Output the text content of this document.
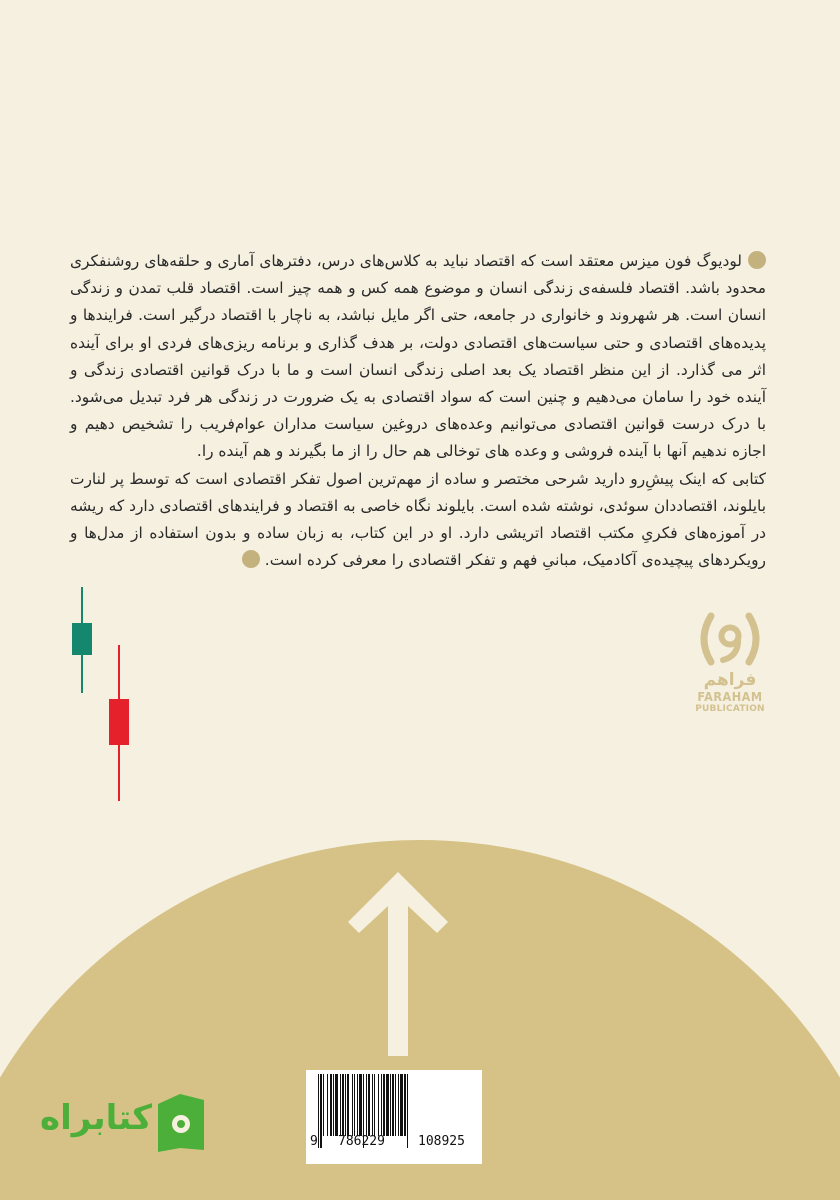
لودیوگ فون میزس معتقد است که اقتصاد نباید به کلاس‌های درس، دفترهای آماری و حلقه‌های روشنفکری محدود باشد. اقتصاد فلسفه‌ی زندگی انسان و موضوع همه کس و همه چیز است. اقتصاد قلب تمدن و زندگی انسان است. هر شهروند و خانواری در جامعه، حتی اگر مایل نباشد، به ناچار با اقتصاد درگیر است. فرایندها و پدیده‌های اقتصادی و حتی سیاست‌های اقتصادی دولت، بر هدف گذاری و برنامه ریزی‌های فردی او برای آینده اثر می گذارد. از این منظر اقتصاد یک بعد اصلی زندگی انسان است و ما با درک قوانین اقتصادی زندگی و آینده خود را سامان می‌دهیم و چنین است که سواد اقتصادی به یک ضرورت در زندگی هر فرد تبدیل می‌شود. با درک درست قوانین اقتصادی می‌توانیم وعده‌های دروغین سیاست مداران عوام‌فریب را تشخیص دهیم و اجازه ندهیم آنها با آینده فروشی و وعده های توخالی هم حال را از ما بگیرند و هم آینده را.

کتابی که اینک پیش‌ِرو دارید شرحی مختصر و ساده از مهم‌ترین اصول تفکر اقتصادی است که توسط پر لنارت بایلوند، اقتصاددان سوئدی، نوشته شده است. بایلوند نگاه خاصی به اقتصاد و فرایندهای اقتصادی دارد که ریشه در آموزه‌های فکریِ مکتب اقتصاد اتریشی دارد. او در این کتاب، به زبان ساده و بدون استفاده از مدل‌ها و رویکردهای پیچیده‌ی آکادمیک، مبانیِ فهم و تفکر اقتصادی را معرفی کرده است.

فراهم
FARAHAM
PUBLICATION
9 786229	108925
کتابراه
